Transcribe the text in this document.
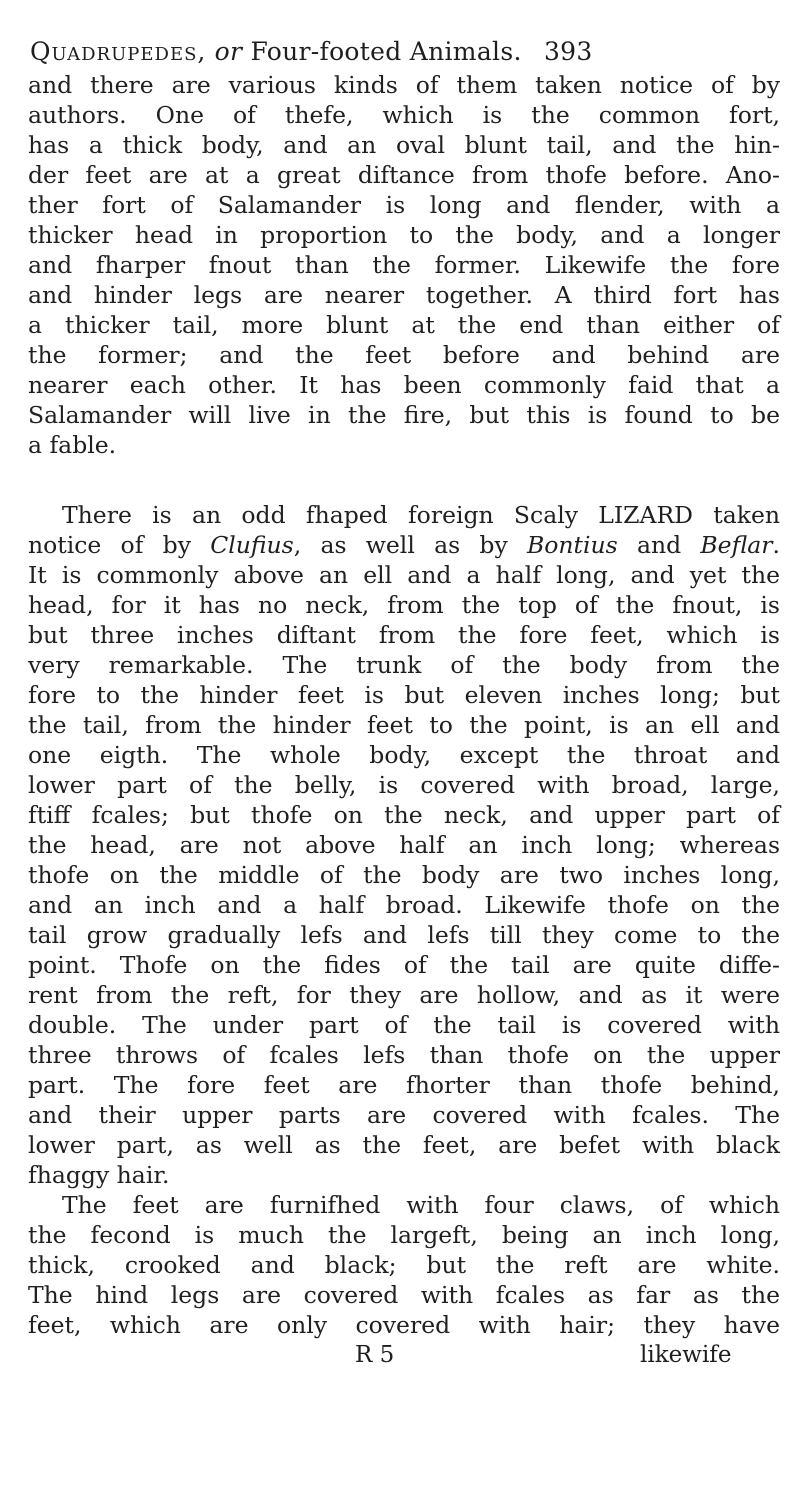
Quadrupedes, or Four-footed Animals. 393
and there are various kinds of them taken notice of by
authors. One of thefe, which is the common fort,
has a thick body, and an oval blunt tail, and the hin-
der feet are at a great diftance from thofe before. Ano-
ther fort of Salamander is long and flender, with a
thicker head in proportion to the body, and a longer
and fharper fnout than the former. Likewife the fore
and hinder legs are nearer together. A third fort has
a thicker tail, more blunt at the end than either of
the former; and the feet before and behind are
nearer each other. It has been commonly faid that a
Salamander will live in the fire, but this is found to be
a fable.
There is an odd fhaped foreign Scaly LIZARD taken
notice of by Clufius, as well as by Bontius and Beflar.
It is commonly above an ell and a half long, and yet the
head, for it has no neck, from the top of the fnout, is
but three inches diftant from the fore feet, which is
very remarkable. The trunk of the body from the
fore to the hinder feet is but eleven inches long; but
the tail, from the hinder feet to the point, is an ell and
one eigth. The whole body, except the throat and
lower part of the belly, is covered with broad, large,
ftiff fcales; but thofe on the neck, and upper part of
the head, are not above half an inch long; whereas
thofe on the middle of the body are two inches long,
and an inch and a half broad. Likewife thofe on the
tail grow gradually lefs and lefs till they come to the
point. Thofe on the fides of the tail are quite diffe-
rent from the reft, for they are hollow, and as it were
double. The under part of the tail is covered with
three throws of fcales lefs than thofe on the upper
part. The fore feet are fhorter than thofe behind,
and their upper parts are covered with fcales. The
lower part, as well as the feet, are befet with black
fhaggy hair.
The feet are furnifhed with four claws, of which
the fecond is much the largeft, being an inch long,
thick, crooked and black; but the reft are white.
The hind legs are covered with fcales as far as the
feet, which are only covered with hair; they have
R 5	likewife
